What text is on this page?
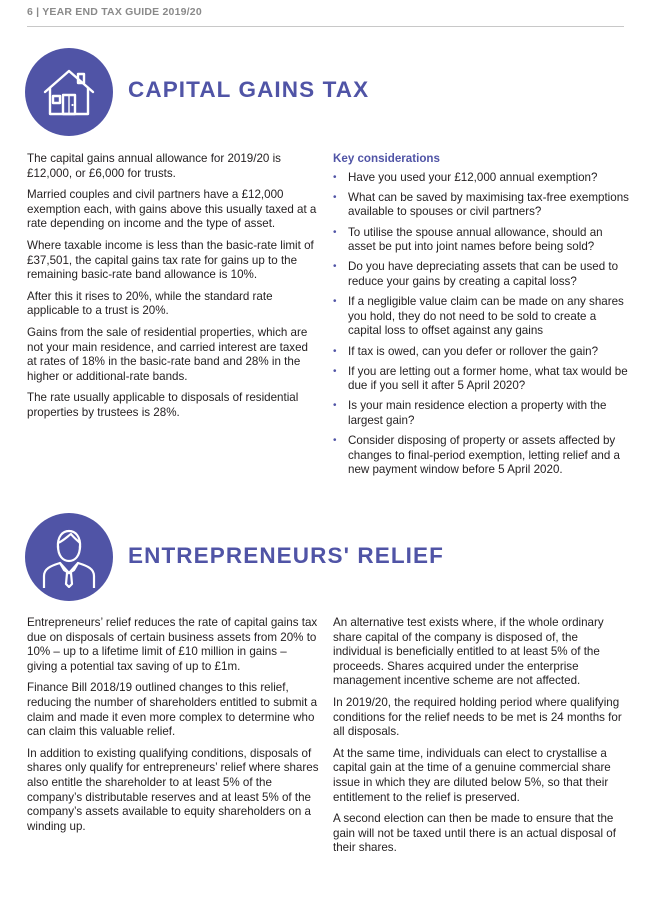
6 | YEAR END TAX GUIDE 2019/20
CAPITAL GAINS TAX

The capital gains annual allowance for 2019/20 is £12,000, or £6,000 for trusts.

Married couples and civil partners have a £12,000 exemption each, with gains above this usually taxed at a rate depending on income and the type of asset.

Where taxable income is less than the basic-rate limit of £37,501, the capital gains tax rate for gains up to the remaining basic-rate band allowance is 10%.

After this it rises to 20%, while the standard rate applicable to a trust is 20%.

Gains from the sale of residential properties, which are not your main residence, and carried interest are taxed at rates of 18% in the basic-rate band and 28% in the higher or additional-rate bands.

The rate usually applicable to disposals of residential properties by trustees is 28%.

Key considerations
• Have you used your £12,000 annual exemption?
• What can be saved by maximising tax-free exemptions available to spouses or civil partners?
• To utilise the spouse annual allowance, should an asset be put into joint names before being sold?
• Do you have depreciating assets that can be used to reduce your gains by creating a capital loss?
• If a negligible value claim can be made on any shares you hold, they do not need to be sold to create a capital loss to offset against any gains
• If tax is owed, can you defer or rollover the gain?
• If you are letting out a former home, what tax would be due if you sell it after 5 April 2020?
• Is your main residence election a property with the largest gain?
• Consider disposing of property or assets affected by changes to final-period exemption, letting relief and a new payment window before 5 April 2020.
ENTREPRENEURS' RELIEF

Entrepreneurs’ relief reduces the rate of capital gains tax due on disposals of certain business assets from 20% to 10% – up to a lifetime limit of £10 million in gains – giving a potential tax saving of up to £1m.

Finance Bill 2018/19 outlined changes to this relief, reducing the number of shareholders entitled to submit a claim and made it even more complex to determine who can claim this valuable relief.

In addition to existing qualifying conditions, disposals of shares only qualify for entrepreneurs’ relief where shares also entitle the shareholder to at least 5% of the company’s distributable reserves and at least 5% of the company’s assets available to equity shareholders on a winding up.

An alternative test exists where, if the whole ordinary share capital of the company is disposed of, the individual is beneficially entitled to at least 5% of the proceeds. Shares acquired under the enterprise management incentive scheme are not affected.

In 2019/20, the required holding period where qualifying conditions for the relief needs to be met is 24 months for all disposals.

At the same time, individuals can elect to crystallise a capital gain at the time of a genuine commercial share issue in which they are diluted below 5%, so that their entitlement to the relief is preserved.

A second election can then be made to ensure that the gain will not be taxed until there is an actual disposal of their shares.
